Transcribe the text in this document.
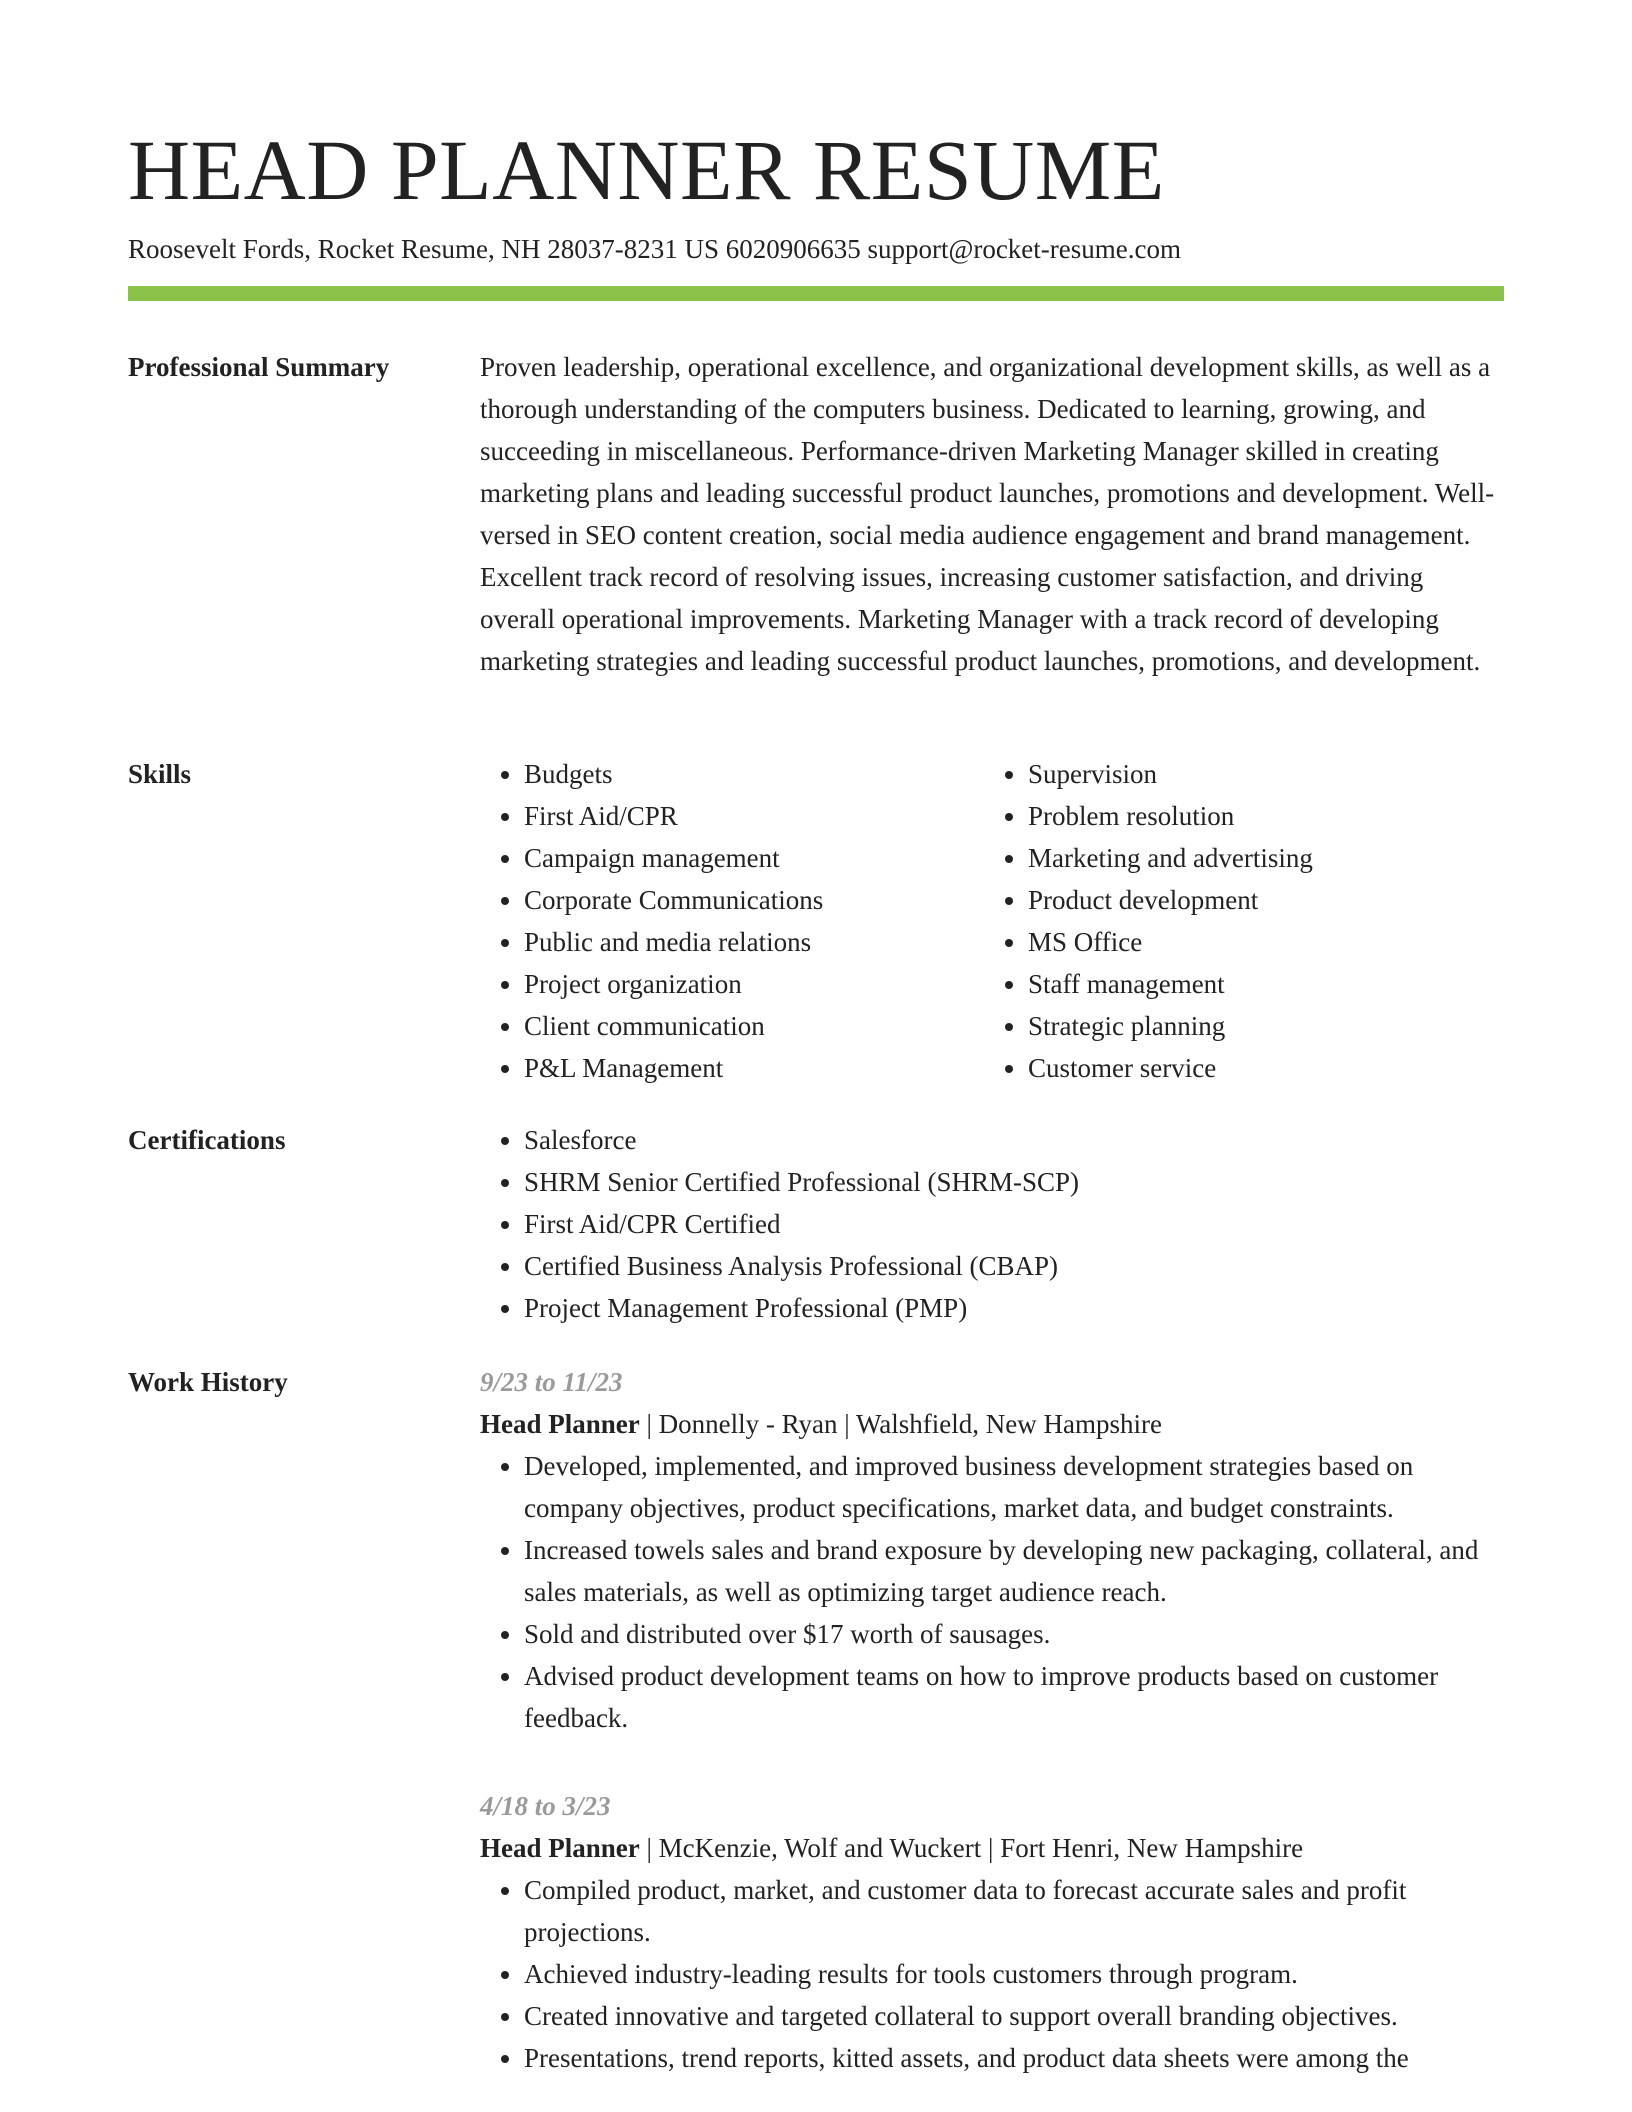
HEAD PLANNER RESUME
Roosevelt Fords, Rocket Resume, NH 28037-8231 US 6020906635 support@rocket-resume.com
Professional Summary	Proven leadership, operational excellence, and organizational development skills, as well as a thorough understanding of the computers business. Dedicated to learning, growing, and succeeding in miscellaneous. Performance-driven Marketing Manager skilled in creating marketing plans and leading successful product launches, promotions and development. Well-versed in SEO content creation, social media audience engagement and brand management. Excellent track record of resolving issues, increasing customer satisfaction, and driving overall operational improvements. Marketing Manager with a track record of developing marketing strategies and leading successful product launches, promotions, and development.

Skills	• Budgets
• First Aid/CPR
• Campaign management
• Corporate Communications
• Public and media relations
• Project organization
• Client communication
• P&L Management
• Supervision
• Problem resolution
• Marketing and advertising
• Product development
• MS Office
• Staff management
• Strategic planning
• Customer service
Certifications	• Salesforce
• SHRM Senior Certified Professional (SHRM-SCP)
• First Aid/CPR Certified
• Certified Business Analysis Professional (CBAP)
• Project Management Professional (PMP)
Work History	9/23 to 11/23
Head Planner | Donnelly - Ryan | Walshfield, New Hampshire
• Developed, implemented, and improved business development strategies based on company objectives, product specifications, market data, and budget constraints.
• Increased towels sales and brand exposure by developing new packaging, collateral, and sales materials, as well as optimizing target audience reach.
• Sold and distributed over $17 worth of sausages.
• Advised product development teams on how to improve products based on customer feedback.
4/18 to 3/23
Head Planner | McKenzie, Wolf and Wuckert | Fort Henri, New Hampshire
• Compiled product, market, and customer data to forecast accurate sales and profit projections.
• Achieved industry-leading results for tools customers through program.
• Created innovative and targeted collateral to support overall branding objectives.
• Presentations, trend reports, kitted assets, and product data sheets were among the
